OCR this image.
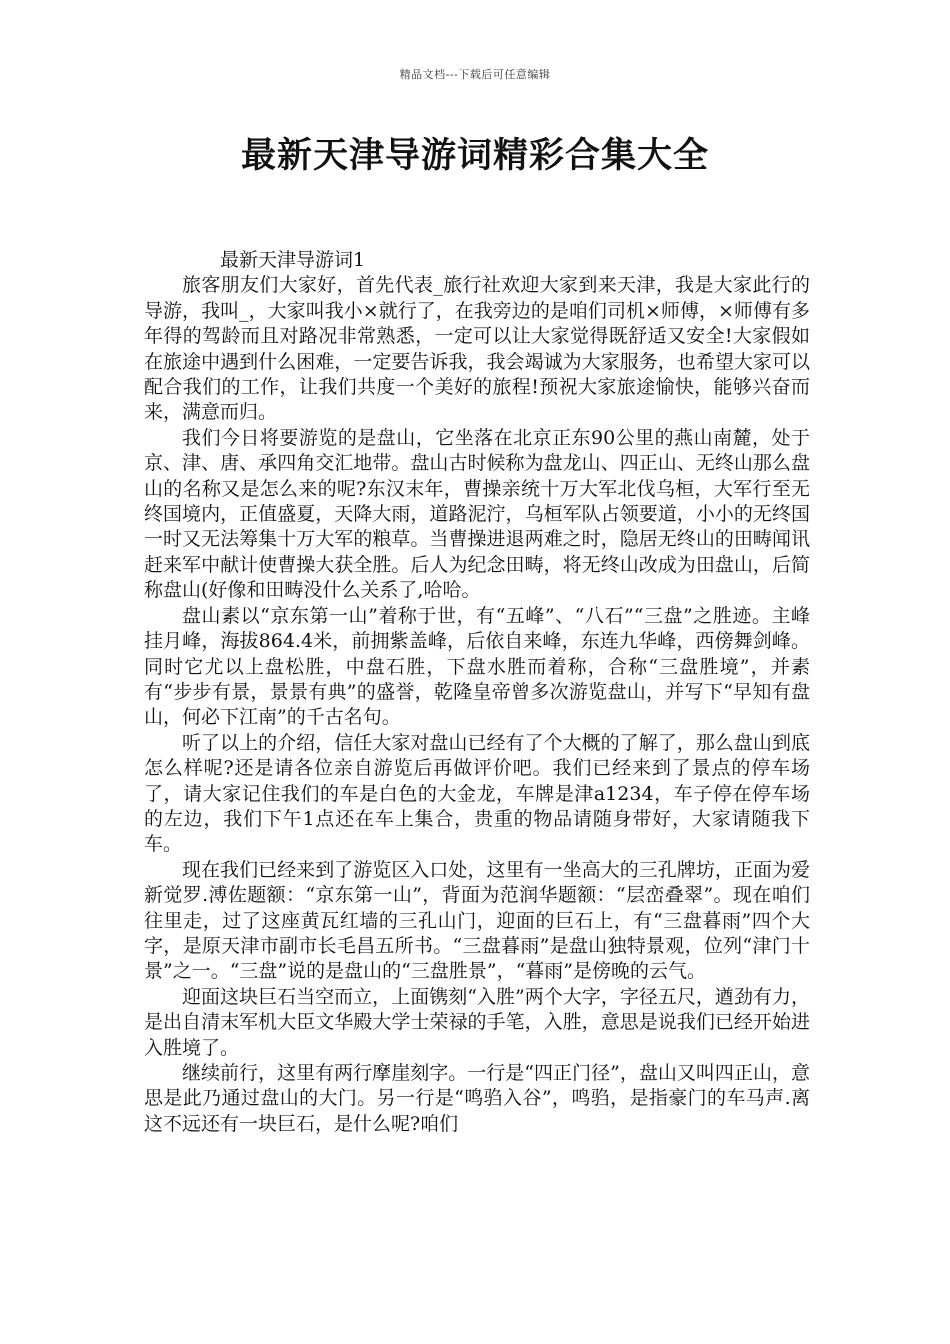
精品文档---下载后可任意编辑
最新天津导游词精彩合集大全

  最新天津导游词1

旅客朋友们大家好，首先代表_旅行社欢迎大家到来天津，我是大家此行的导游，我叫_，大家叫我小×就行了，在我旁边的是咱们司机×师傅，×师傅有多年得的驾龄而且对路况非常熟悉，一定可以让大家觉得既舒适又安全!大家假如在旅途中遇到什么困难，一定要告诉我，我会竭诚为大家服务，也希望大家可以配合我们的工作，让我们共度一个美好的旅程!预祝大家旅途愉快，能够兴奋而来，满意而归。

我们今日将要游览的是盘山，它坐落在北京正东90公里的燕山南麓，处于京、津、唐、承四角交汇地带。盘山古时候称为盘龙山、四正山、无终山那么盘山的名称又是怎么来的呢?东汉末年，曹操亲统十万大军北伐乌桓，大军行至无终国境内，正值盛夏，天降大雨，道路泥泞，乌桓军队占领要道，小小的无终国一时又无法筹集十万大军的粮草。当曹操进退两难之时，隐居无终山的田畴闻讯赶来军中献计使曹操大获全胜。后人为纪念田畴，将无终山改成为田盘山，后简称盘山(好像和田畴没什么关系了,哈哈。

盘山素以“京东第一山”着称于世，有“五峰”、“八石”“三盘”之胜迹。主峰挂月峰，海拔864.4米，前拥紫盖峰，后依自来峰，东连九华峰，西傍舞剑峰。同时它尤以上盘松胜，中盘石胜，下盘水胜而着称，合称“三盘胜境”，并素有“步步有景，景景有典”的盛誉，乾隆皇帝曾多次游览盘山，并写下“早知有盘山，何必下江南”的千古名句。

听了以上的介绍，信任大家对盘山已经有了个大概的了解了，那么盘山到底怎么样呢?还是请各位亲自游览后再做评价吧。我们已经来到了景点的停车场了，请大家记住我们的车是白色的大金龙，车牌是津a1234，车子停在停车场的左边，我们下午1点还在车上集合，贵重的物品请随身带好，大家请随我下车。

现在我们已经来到了游览区入口处，这里有一坐高大的三孔牌坊，正面为爱新觉罗.溥佐题额：“京东第一山”，背面为范润华题额：“层峦叠翠”。现在咱们往里走，过了这座黄瓦红墙的三孔山门，迎面的巨石上，有“三盘暮雨”四个大字，是原天津市副市长毛昌五所书。“三盘暮雨”是盘山独特景观，位列“津门十景”之一。“三盘”说的是盘山的“三盘胜景”，“暮雨”是傍晚的云气。

迎面这块巨石当空而立，上面镌刻“入胜”两个大字，字径五尺，遒劲有力，是出自清末军机大臣文华殿大学士荣禄的手笔，入胜，意思是说我们已经开始进入胜境了。

继续前行，这里有两行摩崖刻字。一行是“四正门径”，盘山又叫四正山，意思是此乃通过盘山的大门。另一行是“鸣驺入谷”，鸣驺，是指豪门的车马声.离这不远还有一块巨石，是什么呢?咱们
